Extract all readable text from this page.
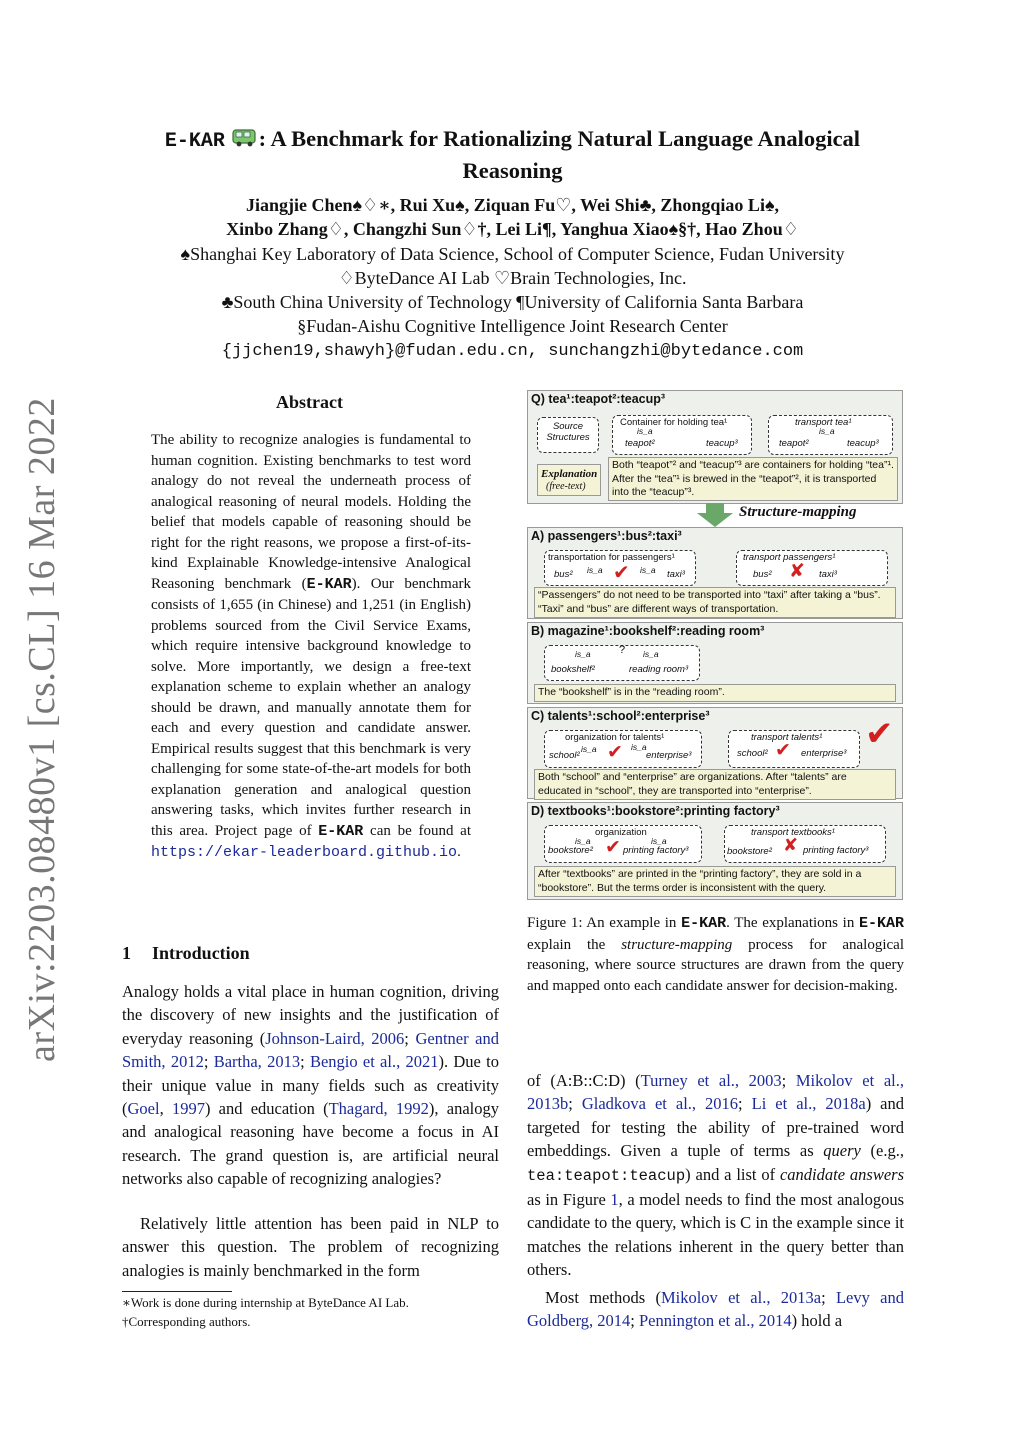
arXiv:2203.08480v1 [cs.CL] 16 Mar 2022
E-KAR : A Benchmark for Rationalizing Natural Language Analogical
Reasoning
Jiangjie Chen♠♢∗, Rui Xu♠, Ziquan Fu♡, Wei Shi♣, Zhongqiao Li♠,
Xinbo Zhang♢, Changzhi Sun♢†, Lei Li¶, Yanghua Xiao♠§†, Hao Zhou♢
♠Shanghai Key Laboratory of Data Science, School of Computer Science, Fudan University
♢ByteDance AI Lab ♡Brain Technologies, Inc.
♣South China University of Technology ¶University of California Santa Barbara
§Fudan-Aishu Cognitive Intelligence Joint Research Center
{jjchen19,shawyh}@fudan.edu.cn, sunchangzhi@bytedance.com
Abstract
The ability to recognize analogies is fundamental to human cognition. Existing benchmarks to test word analogy do not reveal the underneath process of analogical reasoning of neural models. Holding the belief that models capable of reasoning should be right for the right reasons, we propose a first-of-its-kind Explainable Knowledge-intensive Analogical Reasoning benchmark (E-KAR). Our benchmark consists of 1,655 (in Chinese) and 1,251 (in English) problems sourced from the Civil Service Exams, which require intensive background knowledge to solve. More importantly, we design a free-text explanation scheme to explain whether an analogy should be drawn, and manually annotate them for each and every question and candidate answer. Empirical results suggest that this benchmark is very challenging for some state-of-the-art models for both explanation generation and analogical question answering tasks, which invites further research in this area. Project page of E-KAR can be found at https://ekar-leaderboard.github.io.
1 Introduction
Analogy holds a vital place in human cognition, driving the discovery of new insights and the justification of everyday reasoning (Johnson-Laird, 2006; Gentner and Smith, 2012; Bartha, 2013; Bengio et al., 2021). Due to their unique value in many fields such as creativity (Goel, 1997) and education (Thagard, 1992), analogy and analogical reasoning have become a focus in AI research. The grand question is, are artificial neural networks also capable of recognizing analogies?
Relatively little attention has been paid in NLP to answer this question. The problem of recognizing analogies is mainly benchmarked in the form
∗Work is done during internship at ByteDance AI Lab.
†Corresponding authors.
Q) tea¹:teapot²:teacup³
Source Structures
Container for holding tea¹
is_a
teapot²	teacup³
transport tea¹
is_a
teapot²	teacup³
Explanation
(free-text)
Both “teapot”² and “teacup”³ are containers for holding “tea”¹. After the “tea”¹ is brewed in the “teapot”², it is transported into the “teacup”³.
Structure-mapping
A) passengers¹:bus²:taxi³
transportation for passengers¹
bus² is_a	is_a taxi³
✔
transport passengers¹
bus²	taxi³
✘
“Passengers” do not need to be transported into “taxi” after taking a “bus”. “Taxi” and “bus” are different ways of transportation.
B) magazine¹:bookshelf²:reading room³
is_a	? is_a
bookshelf²	reading room³
The “bookshelf” is in the “reading room”.
C) talents¹:school²:enterprise³
organization for talents¹
school²
is_a	is_a
enterprise³
✔
transport talents¹
school²	enterprise³
✔ ✔
Both “school” and “enterprise” are organizations. After “talents” are educated in “school”, they are transported into “enterprise”.
D) textbooks¹:bookstore²:printing factory³
organization
is_a	is_a
bookstore²	printing factory³
✔
transport textbooks¹
bookstore²	printing factory³
✘
After “textbooks” are printed in the “printing factory”, they are sold in a “bookstore”. But the terms order is inconsistent with the query.
Figure 1: An example in E-KAR. The explanations in E-KAR explain the structure-mapping process for analogical reasoning, where source structures are drawn from the query and mapped onto each candidate answer for decision-making.
of (A:B::C:D) (Turney et al., 2003; Mikolov et al., 2013b; Gladkova et al., 2016; Li et al., 2018a) and targeted for testing the ability of pre-trained word embeddings. Given a tuple of terms as query (e.g., tea:teapot:teacup) and a list of candidate answers as in Figure 1, a model needs to find the most analogous candidate to the query, which is C in the example since it matches the relations inherent in the query better than others.
Most methods (Mikolov et al., 2013a; Levy and Goldberg, 2014; Pennington et al., 2014) hold a
